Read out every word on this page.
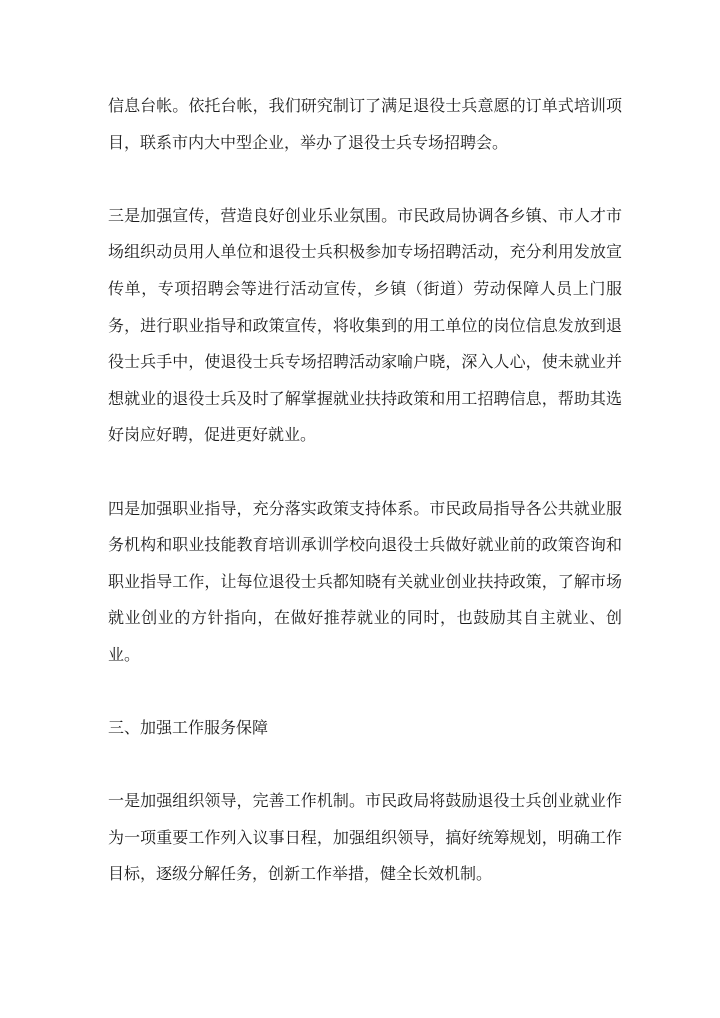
信息台帐。依托台帐，我们研究制订了满足退役士兵意愿的订单式培训项目，联系市内大中型企业，举办了退役士兵专场招聘会。

三是加强宣传，营造良好创业乐业氛围。市民政局协调各乡镇、市人才市场组织动员用人单位和退役士兵积极参加专场招聘活动，充分利用发放宣传单，专项招聘会等进行活动宣传，乡镇（街道）劳动保障人员上门服务，进行职业指导和政策宣传，将收集到的用工单位的岗位信息发放到退役士兵手中，使退役士兵专场招聘活动家喻户晓，深入人心，使未就业并想就业的退役士兵及时了解掌握就业扶持政策和用工招聘信息，帮助其选好岗应好聘，促进更好就业。

四是加强职业指导，充分落实政策支持体系。市民政局指导各公共就业服务机构和职业技能教育培训承训学校向退役士兵做好就业前的政策咨询和职业指导工作，让每位退役士兵都知晓有关就业创业扶持政策，了解市场就业创业的方针指向，在做好推荐就业的同时，也鼓励其自主就业、创业。

三、加强工作服务保障

一是加强组织领导，完善工作机制。市民政局将鼓励退役士兵创业就业作为一项重要工作列入议事日程，加强组织领导，搞好统筹规划，明确工作目标，逐级分解任务，创新工作举措，健全长效机制。
